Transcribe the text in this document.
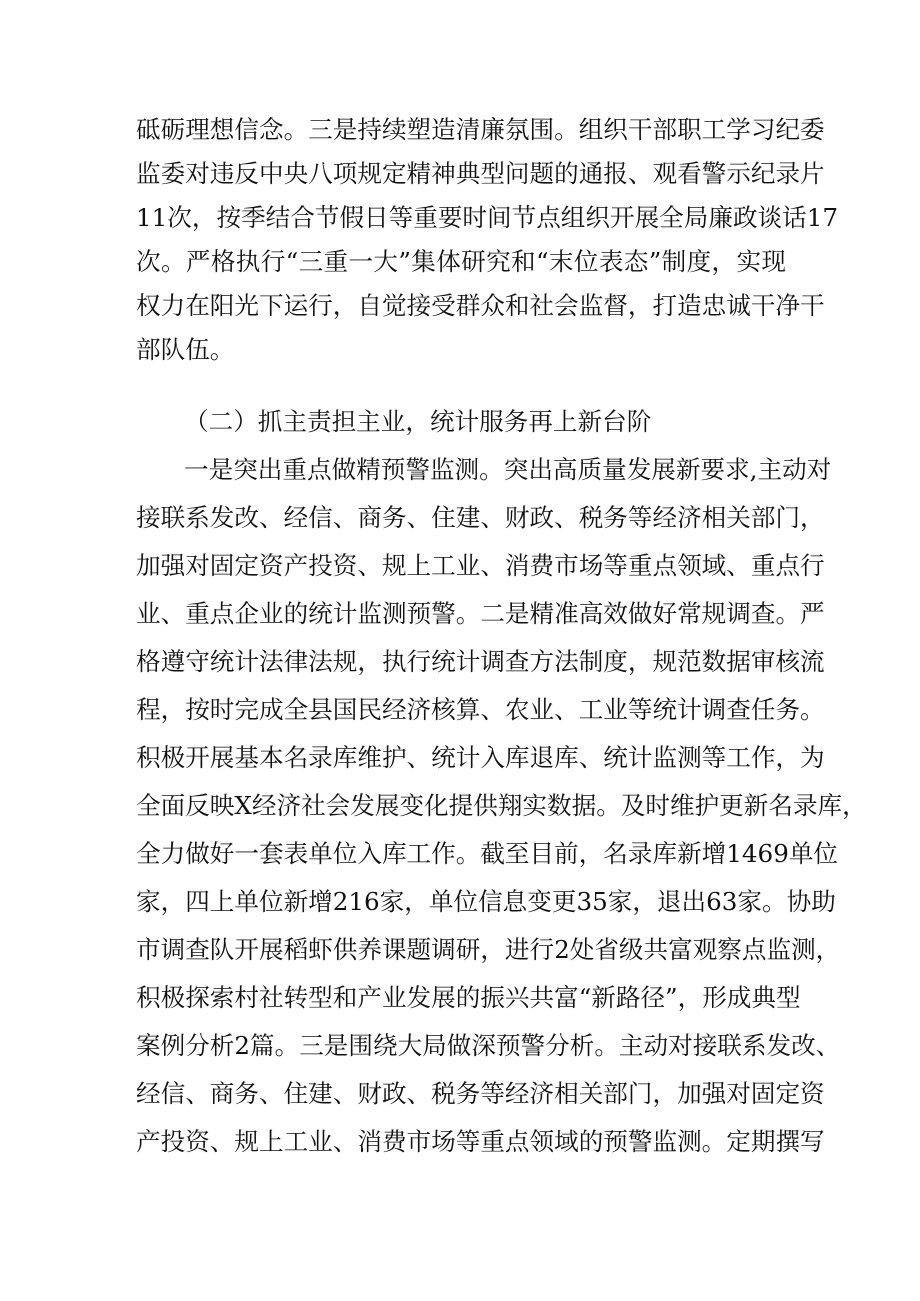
砥砺理想信念。三是持续塑造清廉氛围。组织干部职工学习纪委
监委对违反中央八项规定精神典型问题的通报、观看警示纪录片
11次，按季结合节假日等重要时间节点组织开展全局廉政谈话17
次。严格执行“三重一大”集体研究和“末位表态”制度，实现
权力在阳光下运行，自觉接受群众和社会监督，打造忠诚干净干
部队伍。
（二）抓主责担主业，统计服务再上新台阶
一是突出重点做精预警监测。突出高质量发展新要求,主动对
接联系发改、经信、商务、住建、财政、税务等经济相关部门，
加强对固定资产投资、规上工业、消费市场等重点领域、重点行
业、重点企业的统计监测预警。二是精准高效做好常规调查。严
格遵守统计法律法规，执行统计调查方法制度，规范数据审核流
程，按时完成全县国民经济核算、农业、工业等统计调查任务。
积极开展基本名录库维护、统计入库退库、统计监测等工作，为
全面反映X经济社会发展变化提供翔实数据。及时维护更新名录库，
全力做好一套表单位入库工作。截至目前，名录库新增1469单位
家，四上单位新增216家，单位信息变更35家，退出63家。协助
市调查队开展稻虾供养课题调研，进行2处省级共富观察点监测，
积极探索村社转型和产业发展的振兴共富“新路径”，形成典型
案例分析2篇。三是围绕大局做深预警分析。主动对接联系发改、
经信、商务、住建、财政、税务等经济相关部门，加强对固定资
产投资、规上工业、消费市场等重点领域的预警监测。定期撰写
